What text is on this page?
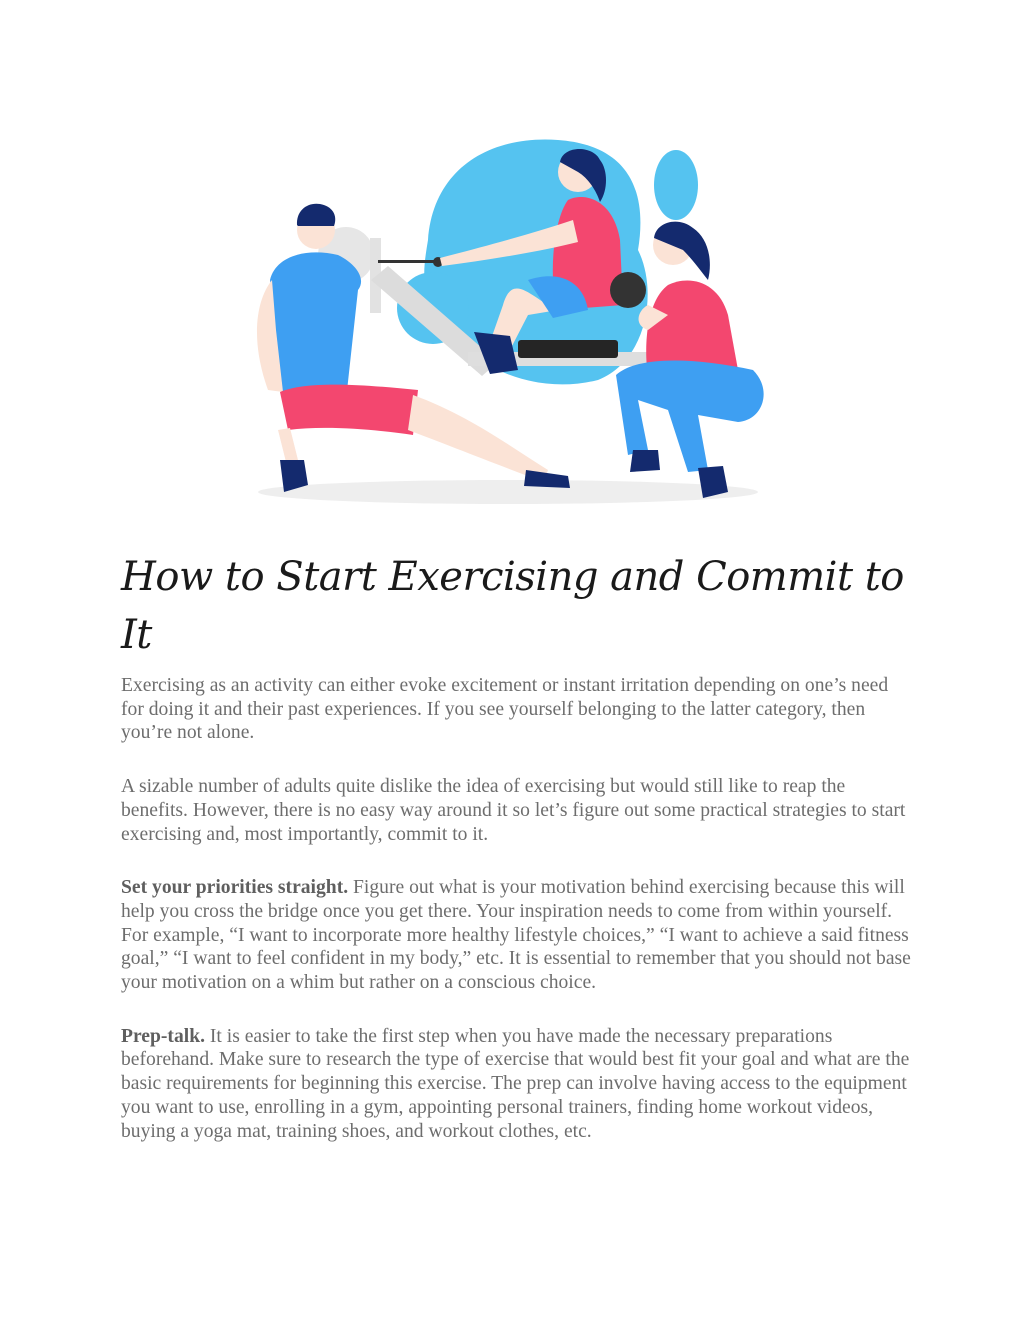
How to Start Exercising and Commit to It

Exercising as an activity can either evoke excitement or instant irritation depending on one’s need for doing it and their past experiences. If you see yourself belonging to the latter category, then you’re not alone.

A sizable number of adults quite dislike the idea of exercising but would still like to reap the benefits. However, there is no easy way around it so let’s figure out some practical strategies to start exercising and, most importantly, commit to it.

Set your priorities straight. Figure out what is your motivation behind exercising because this will help you cross the bridge once you get there. Your inspiration needs to come from within yourself. For example, “I want to incorporate more healthy lifestyle choices,” “I want to achieve a said fitness goal,” “I want to feel confident in my body,” etc. It is essential to remember that you should not base your motivation on a whim but rather on a conscious choice.

Prep-talk. It is easier to take the first step when you have made the necessary preparations beforehand. Make sure to research the type of exercise that would best fit your goal and what are the basic requirements for beginning this exercise. The prep can involve having access to the equipment you want to use, enrolling in a gym, appointing personal trainers, finding home workout videos, buying a yoga mat, training shoes, and workout clothes, etc.
